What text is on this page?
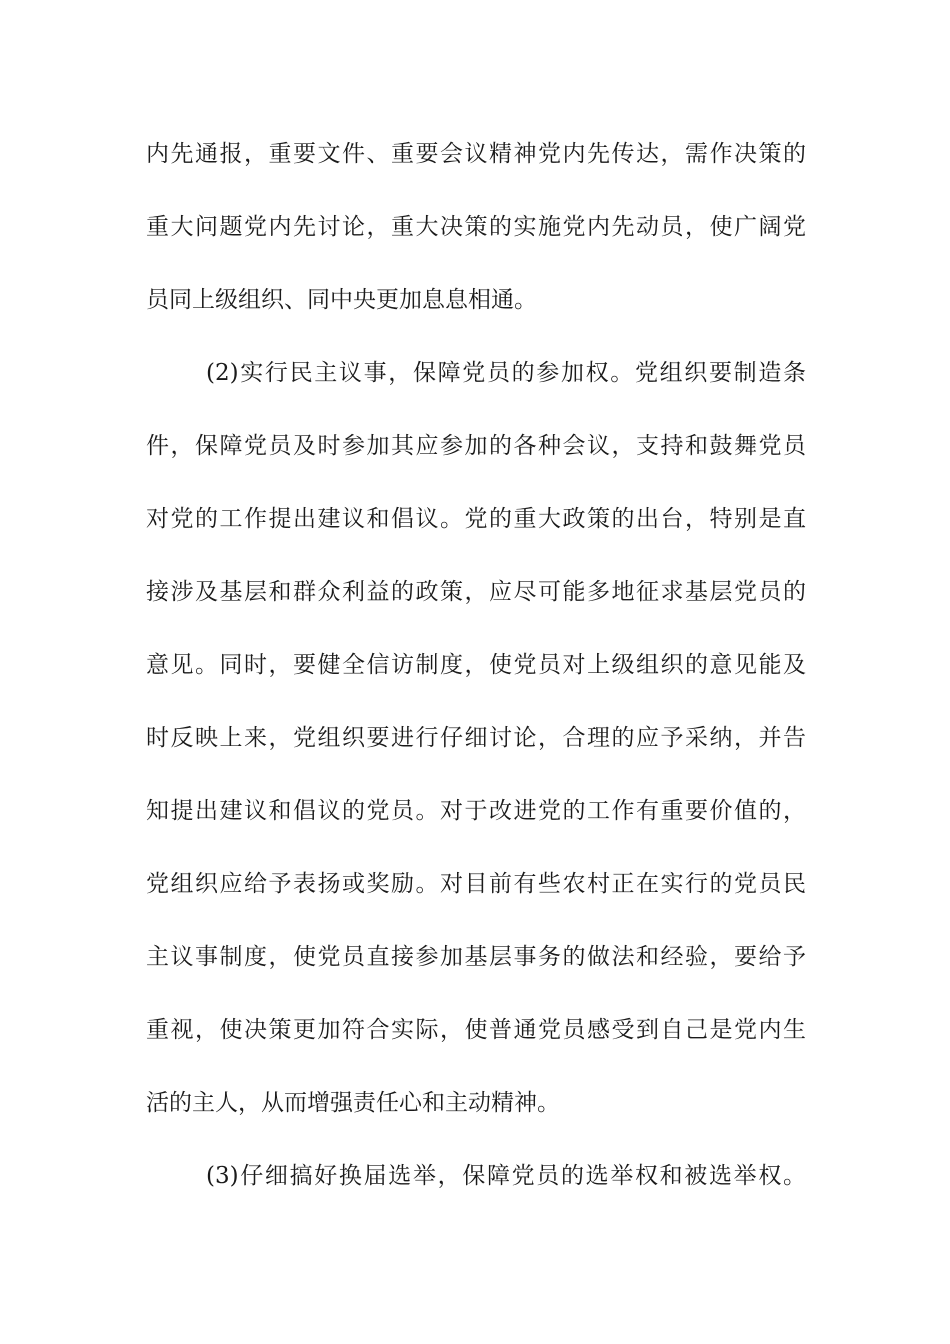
内先通报，重要文件、重要会议精神党内先传达，需作决策的
重大问题党内先讨论，重大决策的实施党内先动员，使广阔党
员同上级组织、同中央更加息息相通。
(2)实行民主议事，保障党员的参加权。党组织要制造条
件，保障党员及时参加其应参加的各种会议，支持和鼓舞党员
对党的工作提出建议和倡议。党的重大政策的出台，特别是直
接涉及基层和群众利益的政策，应尽可能多地征求基层党员的
意见。同时，要健全信访制度，使党员对上级组织的意见能及
时反映上来，党组织要进行仔细讨论，合理的应予采纳，并告
知提出建议和倡议的党员。对于改进党的工作有重要价值的，
党组织应给予表扬或奖励。对目前有些农村正在实行的党员民
主议事制度，使党员直接参加基层事务的做法和经验，要给予
重视，使决策更加符合实际，使普通党员感受到自己是党内生
活的主人，从而增强责任心和主动精神。
(3)仔细搞好换届选举，保障党员的选举权和被选举权。
